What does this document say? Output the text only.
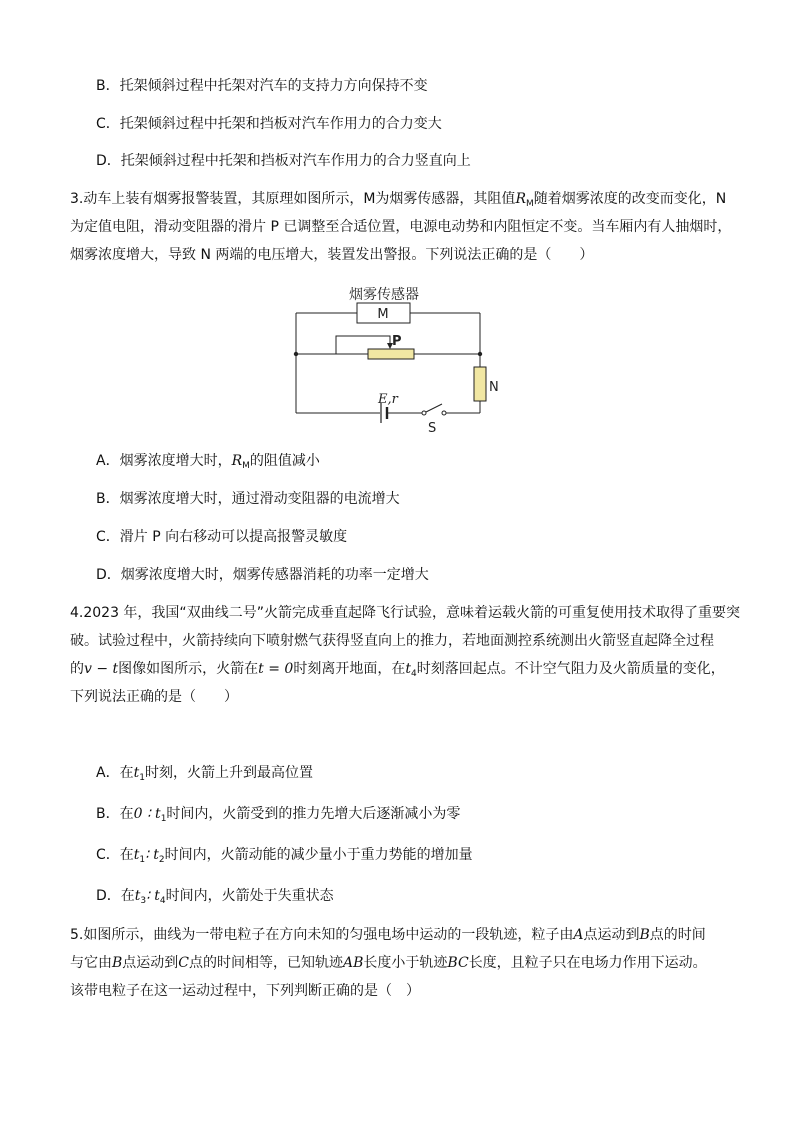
B．托架倾斜过程中托架对汽车的支持力方向保持不变
C．托架倾斜过程中托架和挡板对汽车作用力的合力变大
D．托架倾斜过程中托架和挡板对汽车作用力的合力竖直向上
3.动车上装有烟雾报警装置，其原理如图所示，M为烟雾传感器，其阻值$R_M$随着烟雾浓度的改变而变化，N
为定值电阻，滑动变阻器的滑片 P 已调整至合适位置，电源电动势和内阻恒定不变。当车厢内有人抽烟时，
烟雾浓度增大，导致 N 两端的电压增大，装置发出警报。下列说法正确的是（　　）
烟雾传感器
M
P
N
E,r
S
A．烟雾浓度增大时，$R_M$的阻值减小
B．烟雾浓度增大时，通过滑动变阻器的电流增大
C．滑片 P 向右移动可以提高报警灵敏度
D．烟雾浓度增大时，烟雾传感器消耗的功率一定增大
4.2023 年，我国“双曲线二号”火箭完成垂直起降飞行试验，意味着运载火箭的可重复使用技术取得了重要突
破。试验过程中，火箭持续向下喷射燃气获得竖直向上的推力，若地面测控系统测出火箭竖直起降全过程
的v − t图像如图所示，火箭在t = 0时刻离开地面，在$t_4$时刻落回起点。不计空气阻力及火箭质量的变化，
下列说法正确的是（　　）
A．在$t_1$时刻，火箭上升到最高位置
B．在0 ∶ $t_1$时间内，火箭受到的推力先增大后逐渐减小为零
C．在$t_1∶$ $t_2$时间内，火箭动能的减少量小于重力势能的增加量
D．在$t_3∶$ $t_4$时间内，火箭处于失重状态
5.如图所示，曲线为一带电粒子在方向未知的匀强电场中运动的一段轨迹，粒子由A点运动到B点的时间
与它由B点运动到C点的时间相等，已知轨迹AB长度小于轨迹BC长度，且粒子只在电场力作用下运动。
该带电粒子在这一运动过程中，下列判断正确的是（　）
